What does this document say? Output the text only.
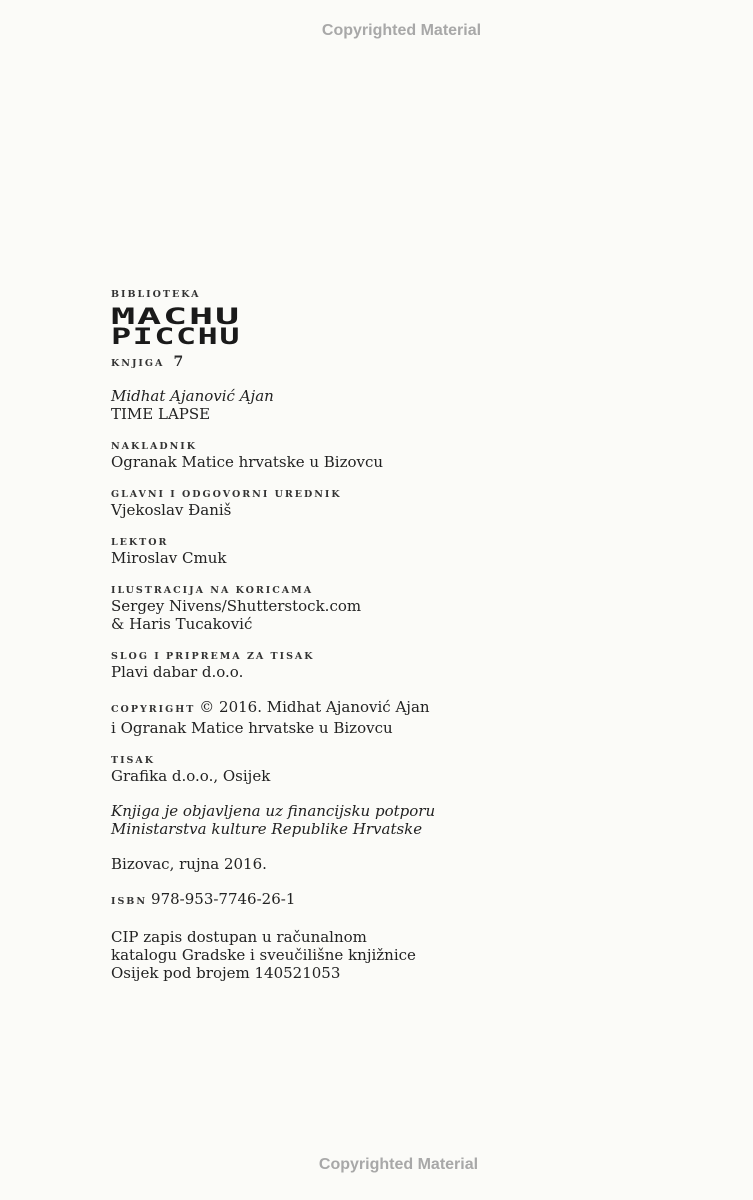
Copyrighted Material
BIBLIOTEKA
MACHU
PICCHU
KNJIGA 7
Midhat Ajanović Ajan
TIME LAPSE
NAKLADNIK
Ogranak Matice hrvatske u Bizovcu
GLAVNI I ODGOVORNI UREDNIK
Vjekoslav Đaniš
LEKTOR
Miroslav Cmuk
ILUSTRACIJA NA KORICAMA
Sergey Nivens/Shutterstock.com
& Haris Tucaković
SLOG I PRIPREMA ZA TISAK
Plavi dabar d.o.o.
COPYRIGHT © 2016. Midhat Ajanović Ajan
i Ogranak Matice hrvatske u Bizovcu
TISAK
Grafika d.o.o., Osijek
Knjiga je objavljena uz financijsku potporu
Ministarstva kulture Republike Hrvatske
Bizovac, rujna 2016.
ISBN 978-953-7746-26-1
CIP zapis dostupan u računalnom
katalogu Gradske i sveučilišne knjižnice
Osijek pod brojem 140521053
Copyrighted Material
